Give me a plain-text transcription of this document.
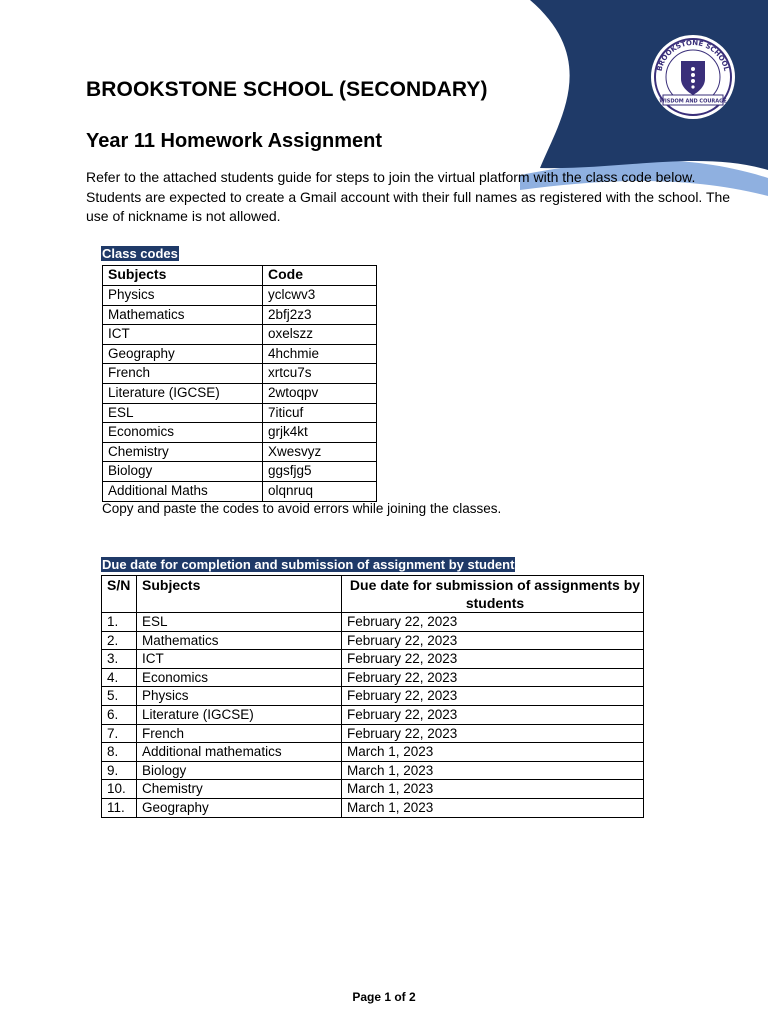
BROOKSTONE SCHOOL
WISDOM AND COURAGE
BROOKSTONE SCHOOL (SECONDARY)
Year 11 Homework Assignment
Refer to the attached students guide for steps to join the virtual platform with the class code below. Students are expected to create a Gmail account with their full names as registered with the school. The use of nickname is not allowed.
Class codes
Subjects	Code
Physics	yclcwv3
Mathematics	2bfj2z3
ICT	oxelszz
Geography	4hchmie
French	xrtcu7s
Literature (IGCSE)	2wtoqpv
ESL	7iticuf
Economics	grjk4kt
Chemistry	Xwesvyz
Biology	ggsfjg5
Additional Maths	olqnruq
Copy and paste the codes to avoid errors while joining the classes.
Due date for completion and submission of assignment by student
S/N	Subjects	Due date for submission of assignments by students
1.	ESL	February 22, 2023
2.	Mathematics	February 22, 2023
3.	ICT	February 22, 2023
4.	Economics	February 22, 2023
5.	Physics	February 22, 2023
6.	Literature (IGCSE)	February 22, 2023
7.	French	February 22, 2023
8.	Additional mathematics	March 1, 2023
9.	Biology	March 1, 2023
10.	Chemistry	March 1, 2023
11.	Geography	March 1, 2023
Page 1 of 2
